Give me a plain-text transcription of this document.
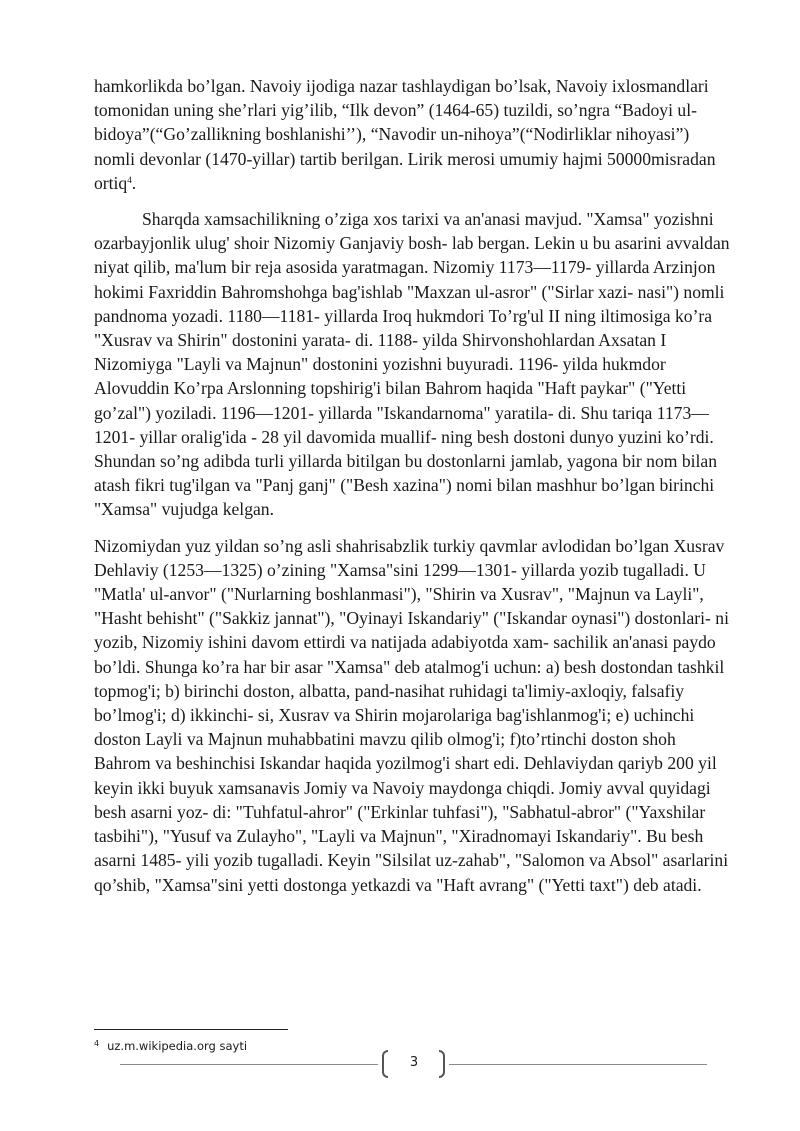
hamkorlikda bo’lgan. Navoiy ijodiga nazar tashlaydigan bo’lsak, Navoiy ixlosmandlari tomonidan uning she’rlari yig’ilib, “Ilk devon” (1464-65) tuzildi, so’ngra “Badoyi ul-bidoya”(“Go’zallikning boshlanishi’’), “Navodir un-nihoya”(“Nodirliklar nihoyasi”) nomli devonlar (1470-yillar) tartib berilgan. Lirik merosi umumiy hajmi 50000misradan ortiq$^4$.

Sharqda xamsachilikning o’ziga xos tarixi va an'anasi mavjud. "Xamsa" yozishni ozarbayjonlik ulug' shoir Nizomiy Ganjaviy bosh- lab bergan. Lekin u bu asarini avvaldan niyat qilib, ma'lum bir reja asosida yaratmagan. Nizomiy 1173—1179- yillarda Arzinjon hokimi Faxriddin Bahromshohga bag'ishlab "Maxzan ul-asror" ("Sirlar xazi- nasi") nomli pandnoma yozadi. 1180—1181- yillarda Iroq hukmdori To’rg'ul II ning iltimosiga ko’ra "Xusrav va Shirin" dostonini yarata- di. 1188- yilda Shirvonshohlardan Axsatan I Nizomiyga "Layli va Majnun" dostonini yozishni buyuradi. 1196- yilda hukmdor Alovuddin Ko’rpa Arslonning topshirig'i bilan Bahrom haqida "Haft paykar" ("Yetti go’zal") yoziladi. 1196—1201- yillarda "Iskandarnoma" yaratila- di. Shu tariqa 1173—1201- yillar oralig'ida - 28 yil davomida muallif- ning besh dostoni dunyo yuzini ko’rdi. Shundan so’ng adibda turli yillarda bitilgan bu dostonlarni jamlab, yagona bir nom bilan atash fikri tug'ilgan va "Panj ganj" ("Besh xazina") nomi bilan mashhur bo’lgan birinchi "Xamsa" vujudga kelgan.

Nizomiydan yuz yildan so’ng asli shahrisabzlik turkiy qavmlar avlodidan bo’lgan Xusrav Dehlaviy (1253—1325) o’zining "Xamsa"sini 1299—1301- yillarda yozib tugalladi. U "Matla' ul-anvor" ("Nurlarning boshlanmasi"), "Shirin va Xusrav", "Majnun va Layli", "Hasht behisht" ("Sakkiz jannat"), "Oyinayi Iskandariy" ("Iskandar oynasi") dostonlari- ni yozib, Nizomiy ishini davom ettirdi va natijada adabiyotda xam- sachilik an'anasi paydo bo’ldi. Shunga ko’ra har bir asar "Xamsa" deb atalmog'i uchun: a) besh dostondan tashkil topmog'i; b) birinchi doston, albatta, pand-nasihat ruhidagi ta'limiy-axloqiy, falsafiy bo’lmog'i; d) ikkinchi- si, Xusrav va Shirin mojarolariga bag'ishlanmog'i; e) uchinchi doston Layli va Majnun muhabbatini mavzu qilib olmog'i; f)to’rtinchi doston shoh Bahrom va beshinchisi Iskandar haqida yozilmog'i shart edi. Dehlaviydan qariyb 200 yil keyin ikki buyuk xamsanavis Jomiy va Navoiy maydonga chiqdi. Jomiy avval quyidagi besh asarni yoz- di: "Tuhfatul-ahror" ("Erkinlar tuhfasi"), "Sabhatul-abror" ("Yaxshilar tasbihi"), "Yusuf va Zulayho", "Layli va Majnun", "Xiradnomayi Iskandariy". Bu besh asarni 1485- yili yozib tugalladi. Keyin "Silsilat uz-zahab", "Salomon va Absol" asarlarini qo’shib, "Xamsa"sini yetti dostonga yetkazdi va "Haft avrang" ("Yetti taxt") deb atadi.

$^4$ uz.m.wikipedia.org sayti
3
